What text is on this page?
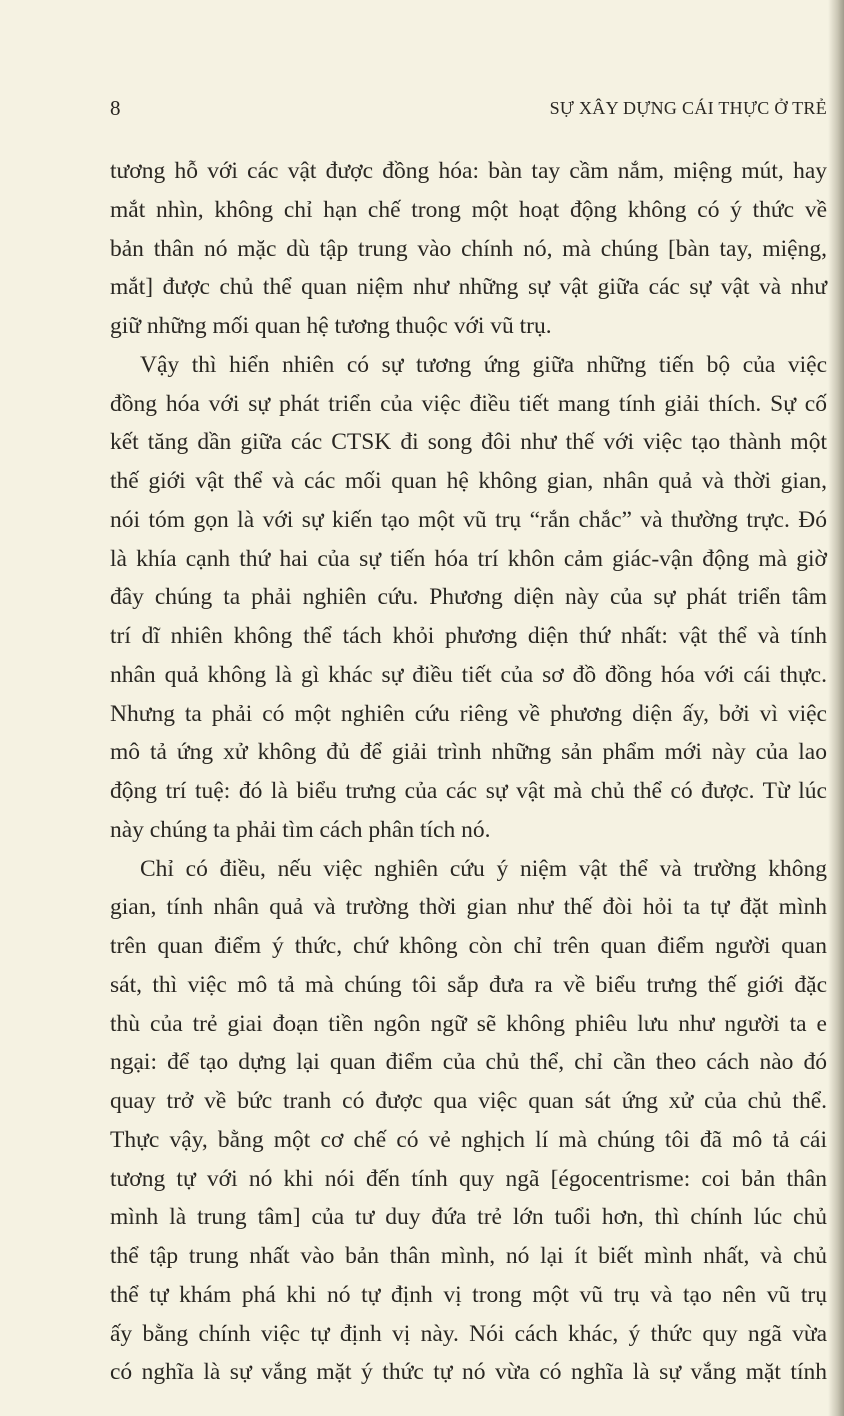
8	SỰ XÂY DỰNG CÁI THỰC Ở TRẺ
tương hỗ với các vật được đồng hóa: bàn tay cầm nắm, miệng mút, hay
mắt nhìn, không chỉ hạn chế trong một hoạt động không có ý thức về
bản thân nó mặc dù tập trung vào chính nó, mà chúng [bàn tay, miệng,
mắt] được chủ thể quan niệm như những sự vật giữa các sự vật và như
giữ những mối quan hệ tương thuộc với vũ trụ.
Vậy thì hiển nhiên có sự tương ứng giữa những tiến bộ của việc
đồng hóa với sự phát triển của việc điều tiết mang tính giải thích. Sự cố
kết tăng dần giữa các CTSK đi song đôi như thế với việc tạo thành một
thế giới vật thể và các mối quan hệ không gian, nhân quả và thời gian,
nói tóm gọn là với sự kiến tạo một vũ trụ “rắn chắc” và thường trực. Đó
là khía cạnh thứ hai của sự tiến hóa trí khôn cảm giác-vận động mà giờ
đây chúng ta phải nghiên cứu. Phương diện này của sự phát triển tâm
trí dĩ nhiên không thể tách khỏi phương diện thứ nhất: vật thể và tính
nhân quả không là gì khác sự điều tiết của sơ đồ đồng hóa với cái thực.
Nhưng ta phải có một nghiên cứu riêng về phương diện ấy, bởi vì việc
mô tả ứng xử không đủ để giải trình những sản phẩm mới này của lao
động trí tuệ: đó là biểu trưng của các sự vật mà chủ thể có được. Từ lúc
này chúng ta phải tìm cách phân tích nó.
Chỉ có điều, nếu việc nghiên cứu ý niệm vật thể và trường không
gian, tính nhân quả và trường thời gian như thế đòi hỏi ta tự đặt mình
trên quan điểm ý thức, chứ không còn chỉ trên quan điểm người quan
sát, thì việc mô tả mà chúng tôi sắp đưa ra về biểu trưng thế giới đặc
thù của trẻ giai đoạn tiền ngôn ngữ sẽ không phiêu lưu như người ta e
ngại: để tạo dựng lại quan điểm của chủ thể, chỉ cần theo cách nào đó
quay trở về bức tranh có được qua việc quan sát ứng xử của chủ thể.
Thực vậy, bằng một cơ chế có vẻ nghịch lí mà chúng tôi đã mô tả cái
tương tự với nó khi nói đến tính quy ngã [égocentrisme: coi bản thân
mình là trung tâm] của tư duy đứa trẻ lớn tuổi hơn, thì chính lúc chủ
thể tập trung nhất vào bản thân mình, nó lại ít biết mình nhất, và chủ
thể tự khám phá khi nó tự định vị trong một vũ trụ và tạo nên vũ trụ
ấy bằng chính việc tự định vị này. Nói cách khác, ý thức quy ngã vừa
có nghĩa là sự vắng mặt ý thức tự nó vừa có nghĩa là sự vắng mặt tính
